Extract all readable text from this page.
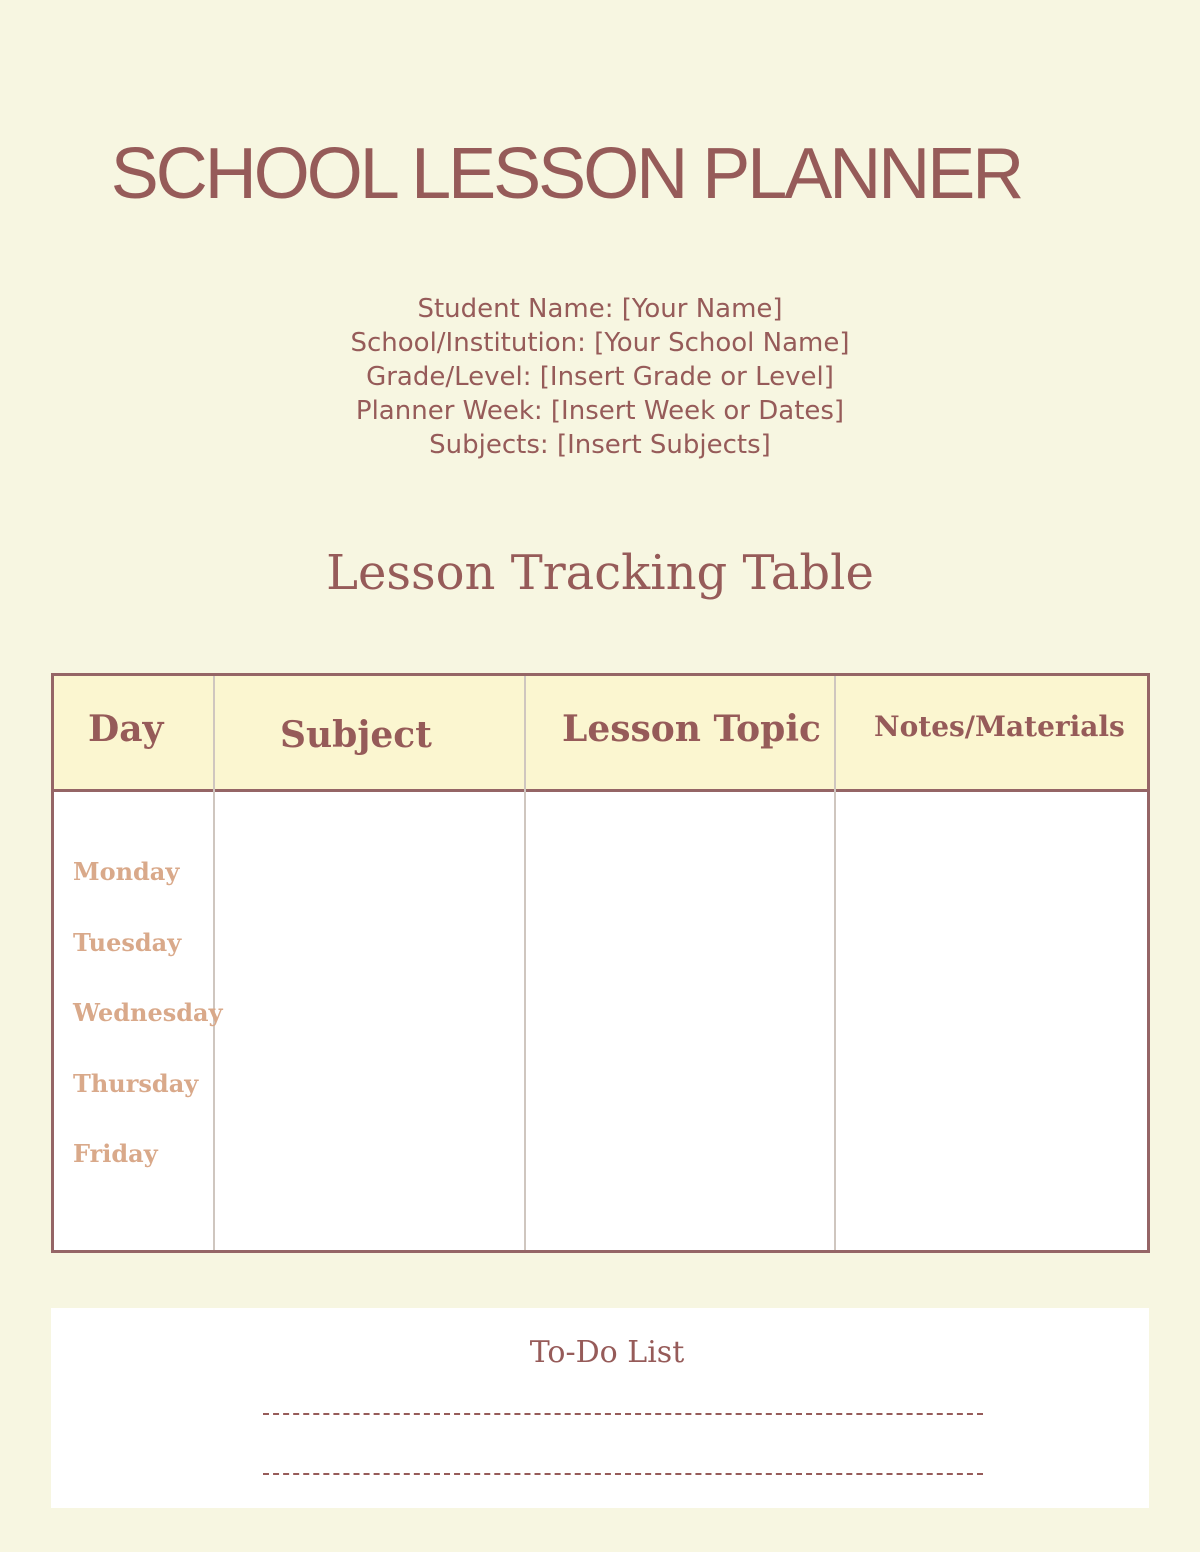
SCHOOL LESSON PLANNER
Student Name: [Your Name]
School/Institution: [Your School Name]
Grade/Level: [Insert Grade or Level]
Planner Week: [Insert Week or Dates]
Subjects: [Insert Subjects]
Lesson Tracking Table
Day	Subject	Lesson Topic Notes/Materials
Monday
Tuesday
Wednesday
Thursday
Friday
To-Do List
